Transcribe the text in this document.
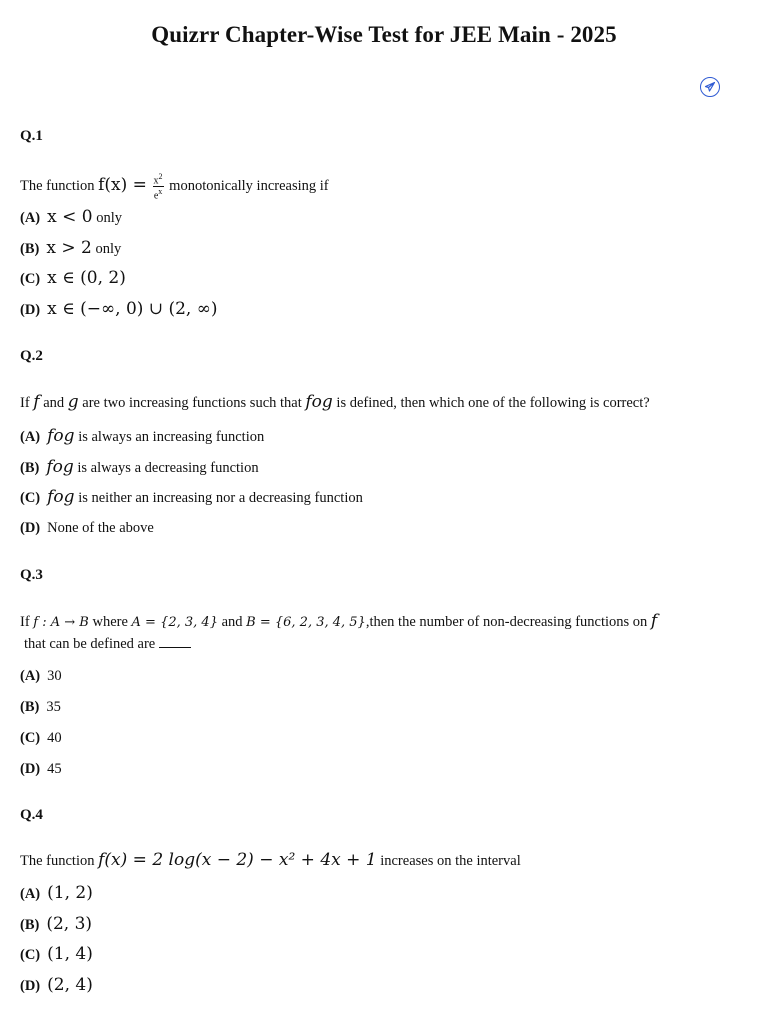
Quizrr Chapter-Wise Test for JEE Main - 2025
Q.1
The function $f(x) = \frac{x^2}{e^x}$ monotonically increasing if
(A) x < 0 only
(B) x > 2 only
(C) x ∈ (0, 2)
(D) x ∈ (−∞, 0) ∪ (2, ∞)
Q.2
If f and g are two increasing functions such that fog is defined, then which one of the following is correct?
(A) fog is always an increasing function
(B) fog is always a decreasing function
(C) fog is neither an increasing nor a decreasing function
(D) None of the above
Q.3
If f : A → B where A = {2, 3, 4} and B = {6, 2, 3, 4, 5},then the number of non-decreasing functions on f
that can be defined are
(A) 30
(B) 35
(C) 40
(D) 45
Q.4
The function f(x) = 2 log(x − 2) − x² + 4x + 1 increases on the interval
(A) (1, 2)
(B) (2, 3)
(C) (1, 4)
(D) (2, 4)
